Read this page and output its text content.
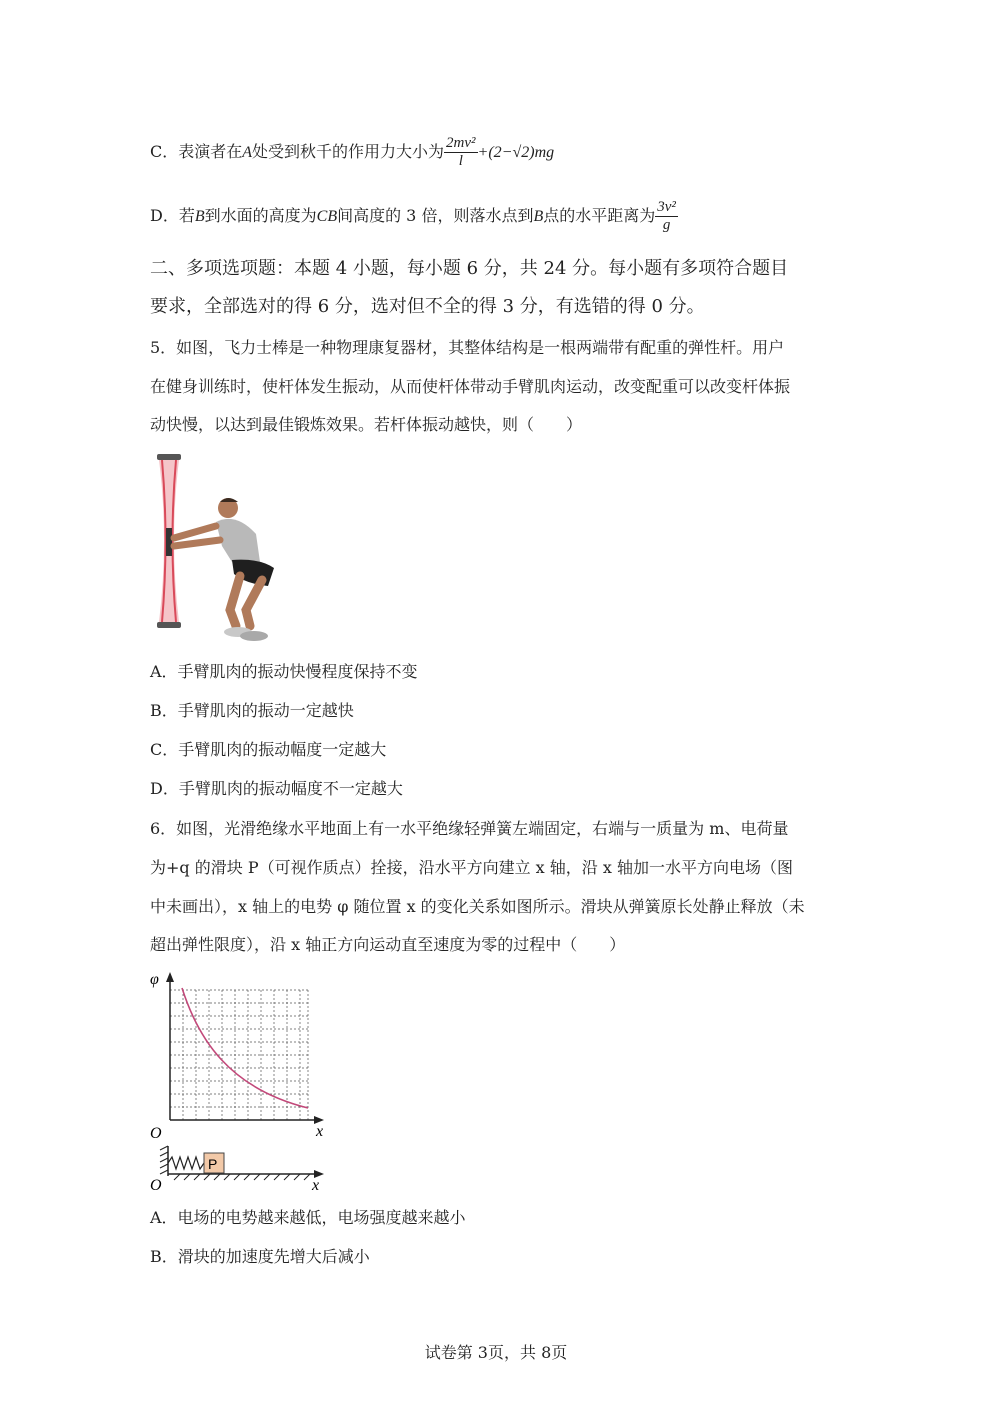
C．表演者在A处受到秋千的作用力大小为 $\frac{\text{2mv²}}{l} +(2-√2)mg$
D．若B到水面的高度为CB间高度的 3 倍，则落水点到B点的水平距离为 $\frac{\text{3v²}}{g}$
二、多项选项题：本题 4 小题，每小题 6 分，共 24 分。每小题有多项符合题目
要求，全部选对的得 6 分，选对但不全的得 3 分，有选错的得 0 分。
5．如图，飞力士棒是一种物理康复器材，其整体结构是一根两端带有配重的弹性杆。用户
在健身训练时，使杆体发生振动，从而使杆体带动手臂肌肉运动，改变配重可以改变杆体振
动快慢，以达到最佳锻炼效果。若杆体振动越快，则（　　）
A．手臂肌肉的振动快慢程度保持不变
B．手臂肌肉的振动一定越快
C．手臂肌肉的振动幅度一定越大
D．手臂肌肉的振动幅度不一定越大
6．如图，光滑绝缘水平地面上有一水平绝缘轻弹簧左端固定，右端与一质量为 m、电荷量
为+q 的滑块 P（可视作质点）拴接，沿水平方向建立 x 轴，沿 x 轴加一水平方向电场（图
中未画出），x 轴上的电势 φ 随位置 x 的变化关系如图所示。滑块从弹簧原长处静止释放（未
超出弹性限度），沿 x 轴正方向运动直至速度为零的过程中（　　）
φ
O	x
P
O	x
A．电场的电势越来越低，电场强度越来越小
B．滑块的加速度先增大后减小
试卷第 3页，共 8页
